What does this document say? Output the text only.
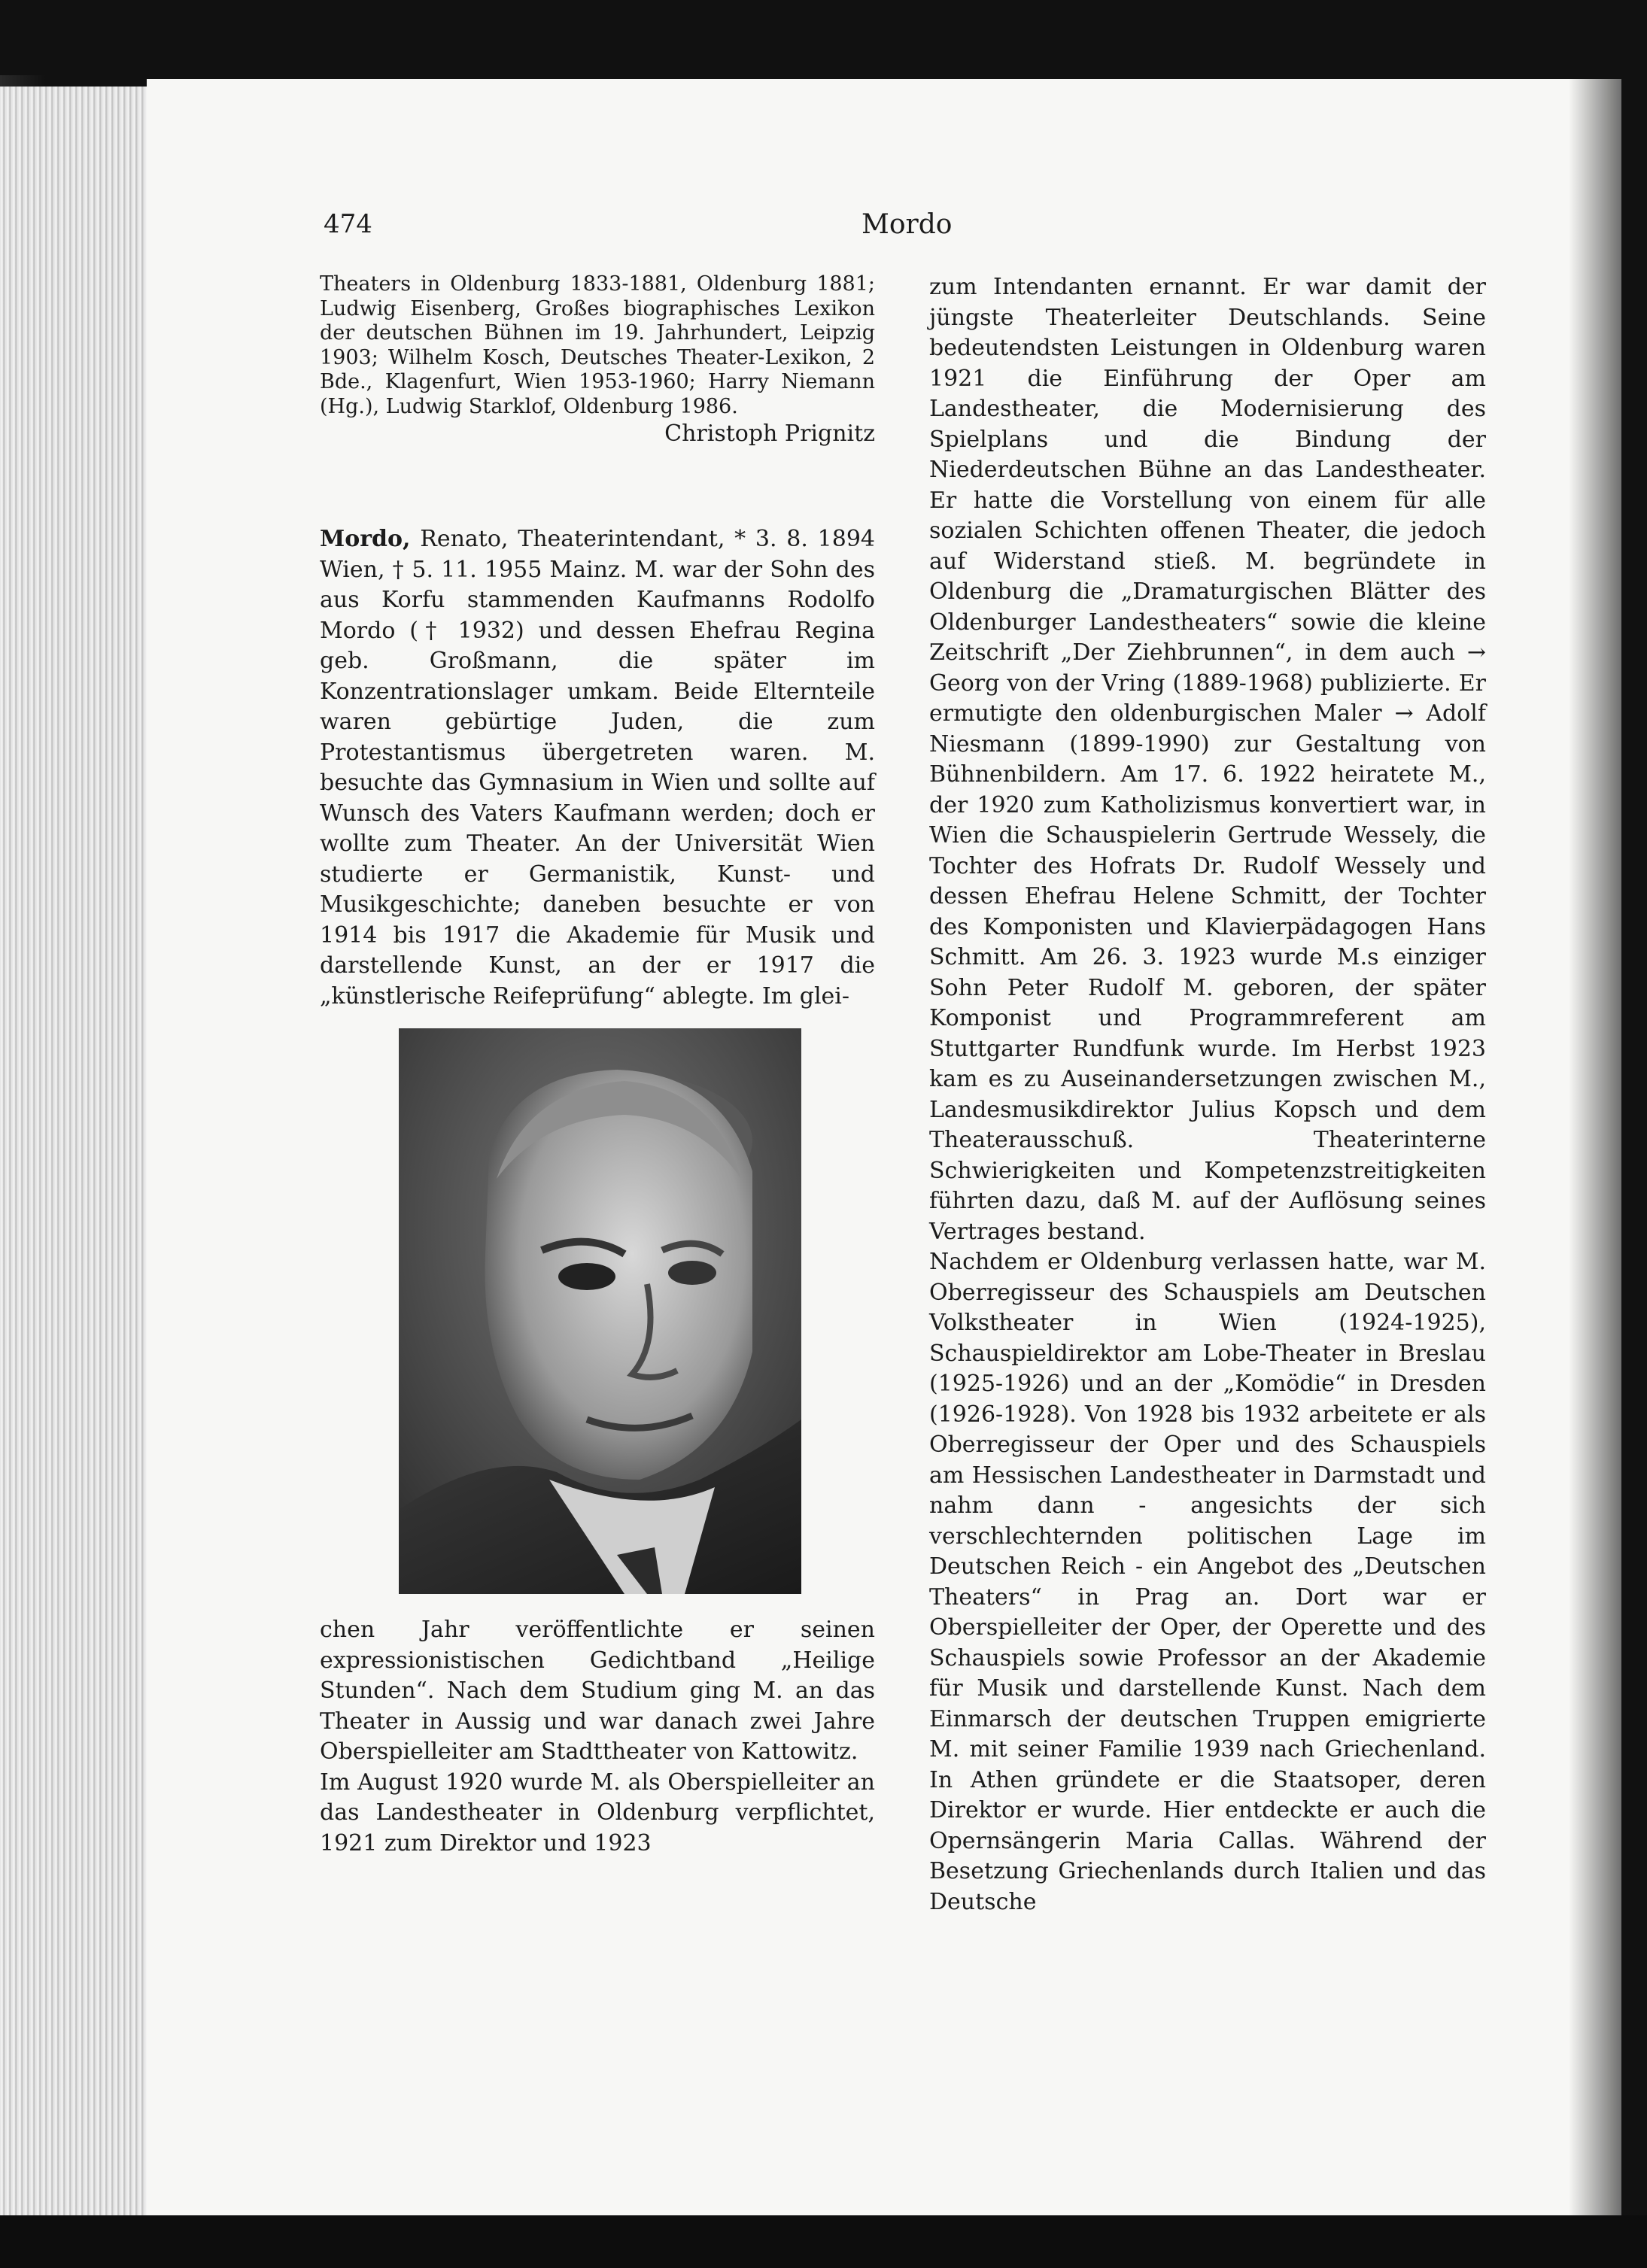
474	Mordo

Theaters in Oldenburg 1833-1881, Oldenburg 1881; Ludwig Eisenberg, Großes biographisches Lexikon der deutschen Bühnen im 19. Jahrhundert, Leipzig 1903; Wilhelm Kosch, Deutsches Theater-Lexikon, 2 Bde., Klagenfurt, Wien 1953-1960; Harry Niemann (Hg.), Ludwig Starklof, Oldenburg 1986.

Christoph Prignitz

Mordo, Renato, Theaterintendant, * 3. 8. 1894 Wien, † 5. 11. 1955 Mainz. M. war der Sohn des aus Korfu stammenden Kaufmanns Rodolfo Mordo († 1932) und dessen Ehefrau Regina geb. Großmann, die später im Konzentrationslager umkam. Beide Elternteile waren gebürtige Juden, die zum Protestantismus übergetreten waren. M. besuchte das Gymnasium in Wien und sollte auf Wunsch des Vaters Kaufmann werden; doch er wollte zum Theater. An der Universität Wien studierte er Germanistik, Kunst- und Musikgeschichte; daneben besuchte er von 1914 bis 1917 die Akademie für Musik und darstellende Kunst, an der er 1917 die „künstlerische Reifeprüfung“ ablegte. Im glei-

chen Jahr veröffentlichte er seinen expressionistischen Gedichtband „Heilige Stunden“. Nach dem Studium ging M. an das Theater in Aussig und war danach zwei Jahre Oberspielleiter am Stadttheater von Kattowitz.

Im August 1920 wurde M. als Oberspielleiter an das Landestheater in Oldenburg verpflichtet, 1921 zum Direktor und 1923

zum Intendanten ernannt. Er war damit der jüngste Theaterleiter Deutschlands. Seine bedeutendsten Leistungen in Oldenburg waren 1921 die Einführung der Oper am Landestheater, die Modernisierung des Spielplans und die Bindung der Niederdeutschen Bühne an das Landestheater. Er hatte die Vorstellung von einem für alle sozialen Schichten offenen Theater, die jedoch auf Widerstand stieß. M. begründete in Oldenburg die „Dramaturgischen Blätter des Oldenburger Landestheaters“ sowie die kleine Zeitschrift „Der Ziehbrunnen“, in dem auch → Georg von der Vring (1889-1968) publizierte. Er ermutigte den oldenburgischen Maler → Adolf Niesmann (1899-1990) zur Gestaltung von Bühnenbildern. Am 17. 6. 1922 heiratete M., der 1920 zum Katholizismus konvertiert war, in Wien die Schauspielerin Gertrude Wessely, die Tochter des Hofrats Dr. Rudolf Wessely und dessen Ehefrau Helene Schmitt, der Tochter des Komponisten und Klavierpädagogen Hans Schmitt. Am 26. 3. 1923 wurde M.s einziger Sohn Peter Rudolf M. geboren, der später Komponist und Programmreferent am Stuttgarter Rundfunk wurde. Im Herbst 1923 kam es zu Auseinandersetzungen zwischen M., Landesmusikdirektor Julius Kopsch und dem Theaterausschuß. Theaterinterne Schwierigkeiten und Kompetenzstreitigkeiten führten dazu, daß M. auf der Auflösung seines Vertrages bestand.

Nachdem er Oldenburg verlassen hatte, war M. Oberregisseur des Schauspiels am Deutschen Volkstheater in Wien (1924-1925), Schauspieldirektor am Lobe-Theater in Breslau (1925-1926) und an der „Komödie“ in Dresden (1926-1928). Von 1928 bis 1932 arbeitete er als Oberregisseur der Oper und des Schauspiels am Hessischen Landestheater in Darmstadt und nahm dann - angesichts der sich verschlechternden politischen Lage im Deutschen Reich - ein Angebot des „Deutschen Theaters“ in Prag an. Dort war er Oberspielleiter der Oper, der Operette und des Schauspiels sowie Professor an der Akademie für Musik und darstellende Kunst. Nach dem Einmarsch der deutschen Truppen emigrierte M. mit seiner Familie 1939 nach Griechenland. In Athen gründete er die Staatsoper, deren Direktor er wurde. Hier entdeckte er auch die Opernsängerin Maria Callas. Während der Besetzung Griechenlands durch Italien und das Deutsche
